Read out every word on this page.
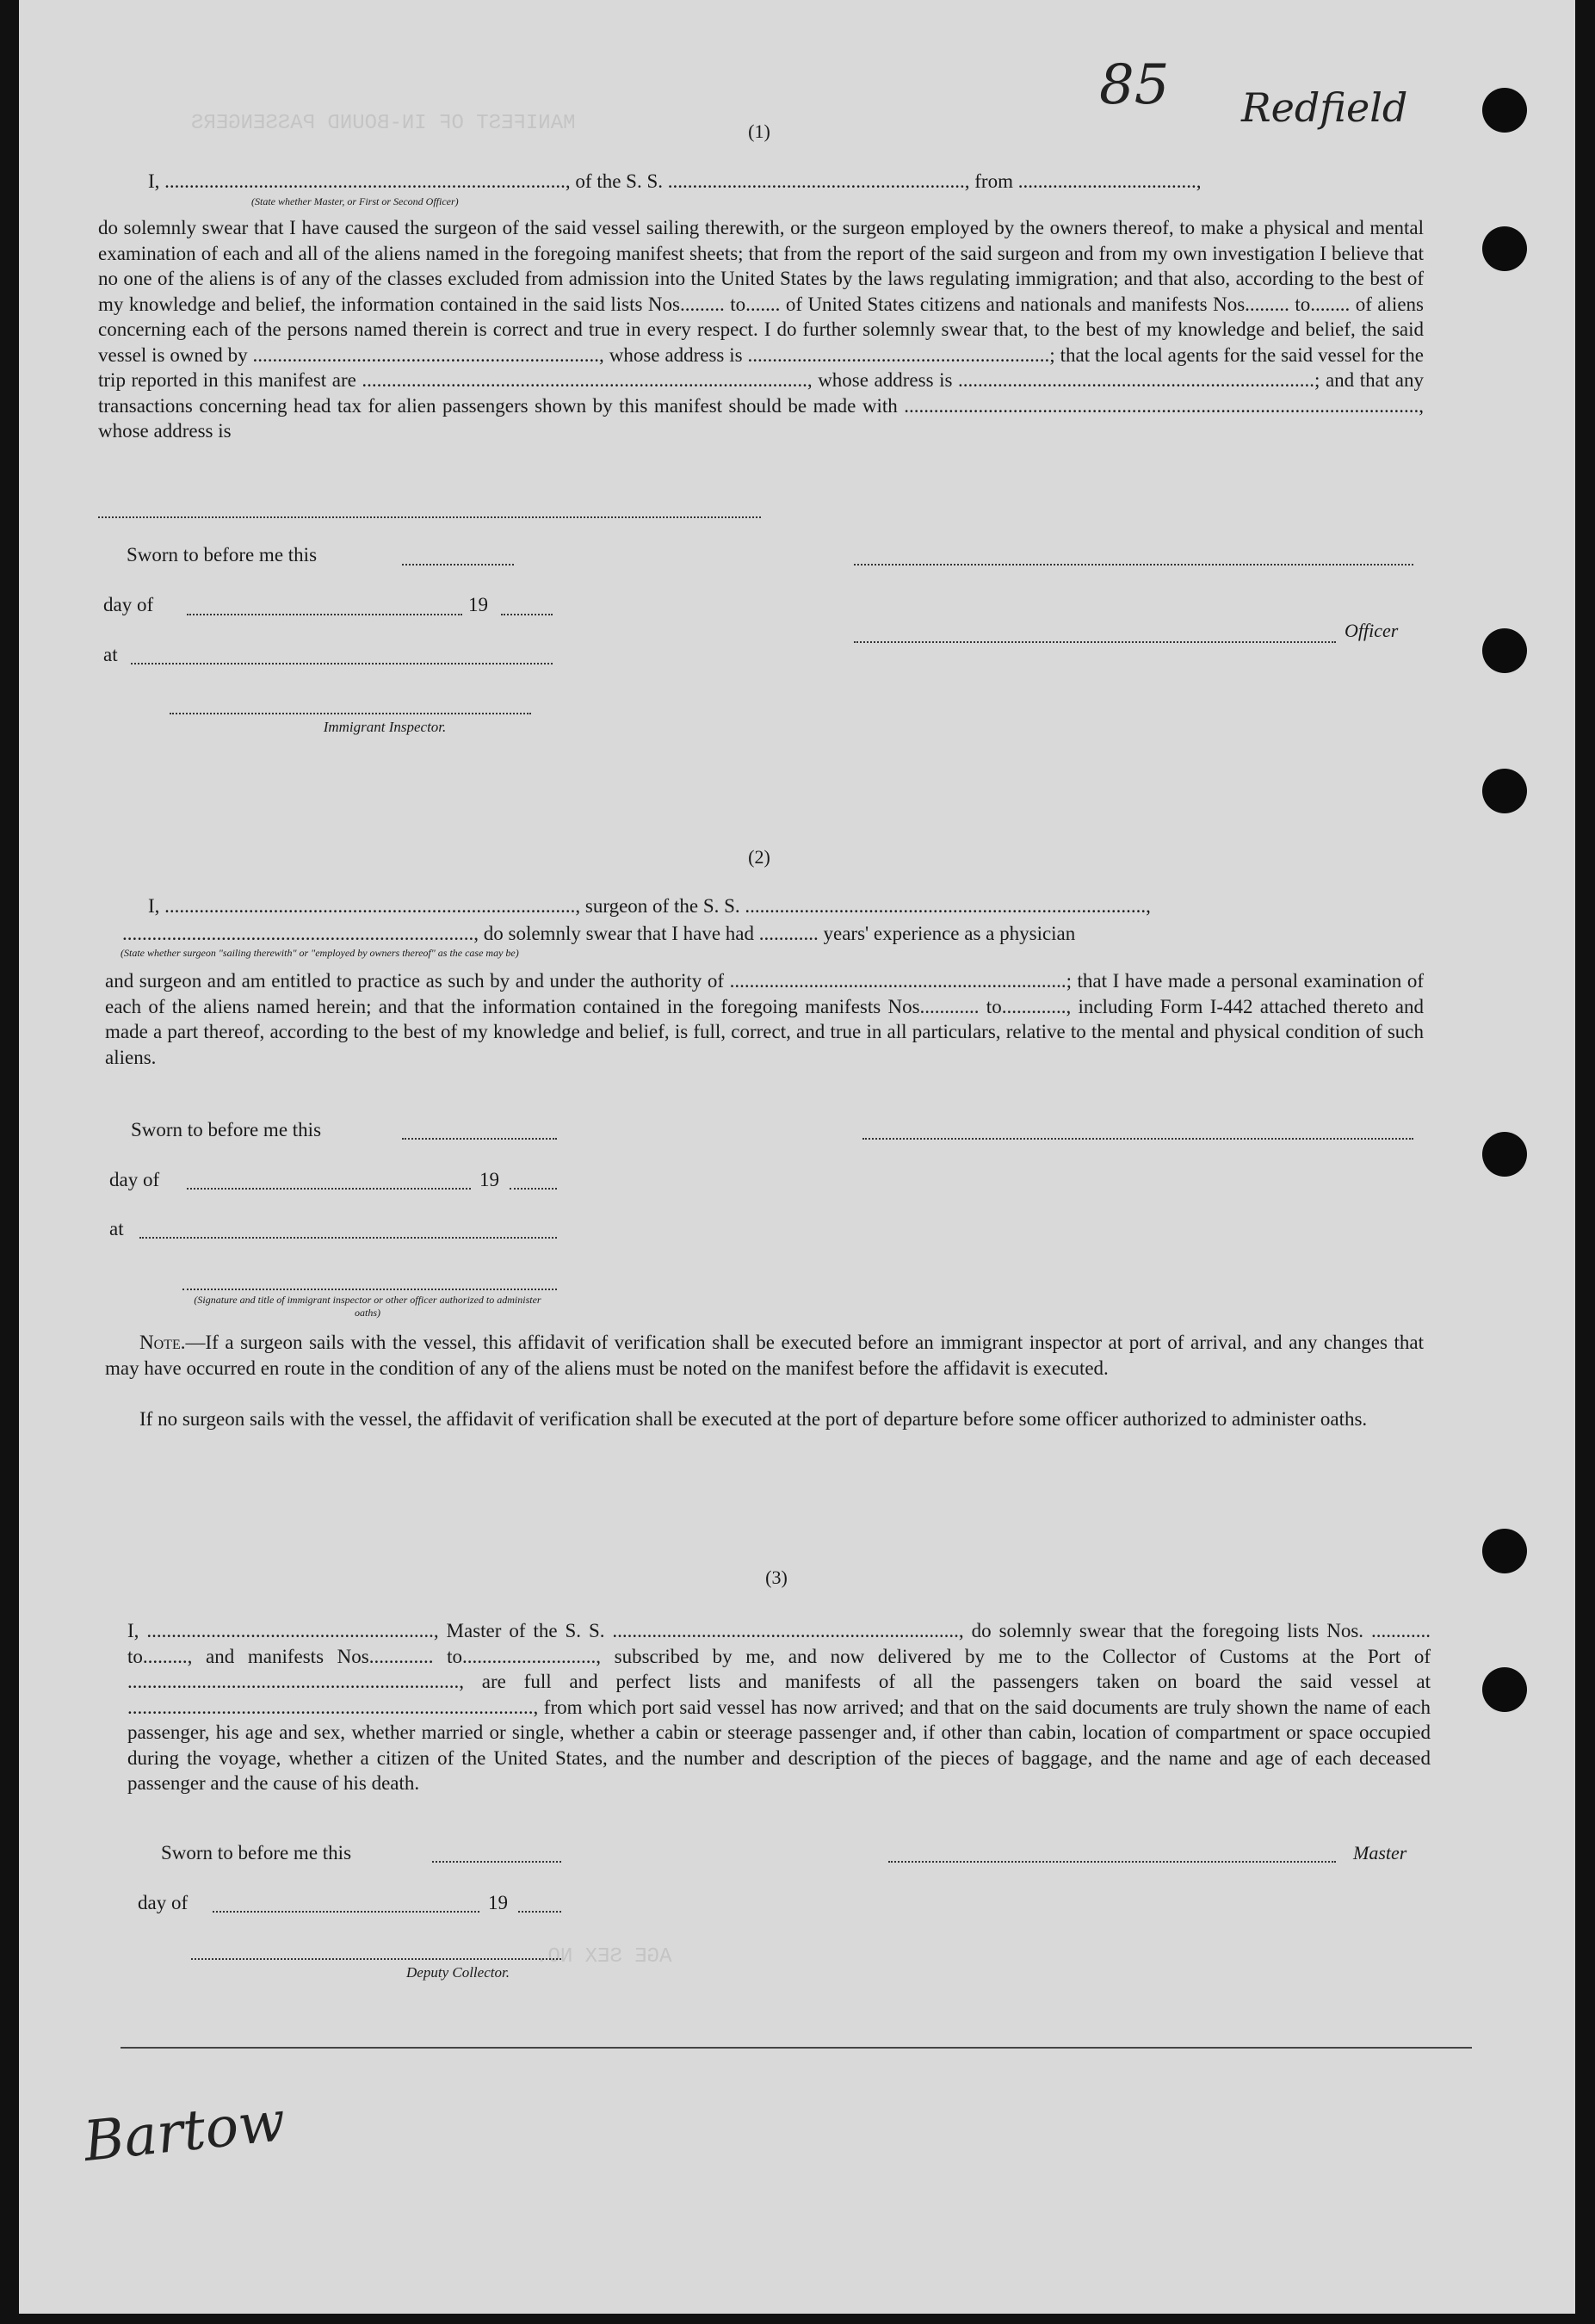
MANIFEST OF IN-BOUND PASSENGERS
AGE SEX NO.
85 Redfield
Bartow
(1)
I, ................................................................................., of the S. S. ............................................................, from ....................................,
(State whether Master, or First or Second Officer)
do solemnly swear that I have caused the surgeon of the said vessel sailing therewith, or the surgeon employed by the owners thereof, to make a physical and mental examination of each and all of the aliens named in the foregoing manifest sheets; that from the report of the said surgeon and from my own investigation I believe that no one of the aliens is of any of the classes excluded from admission into the United States by the laws regulating immigration; and that also, according to the best of my knowledge and belief, the information contained in the said lists Nos......... to....... of United States citizens and nationals and manifests Nos......... to........ of aliens concerning each of the persons named therein is correct and true in every respect. I do further solemnly swear that, to the best of my knowledge and belief, the said vessel is owned by ......................................................................, whose address is .............................................................; that the local agents for the said vessel for the trip reported in this manifest are .........................................................................................., whose address is ........................................................................; and that any transactions concerning head tax for alien passengers shown by this manifest should be made with ........................................................................................................, whose address is
Sworn to before me this
day of	19
at
Immigrant Inspector.
Officer
(2)
I, ..................................................................................., surgeon of the S. S. .................................................................................,
......................................................................., do solemnly swear that I have had ............ years' experience as a physician
(State whether surgeon "sailing therewith" or "employed by owners thereof" as the case may be)
and surgeon and am entitled to practice as such by and under the authority of ....................................................................; that I have made a personal examination of each of the aliens named herein; and that the information contained in the foregoing manifests Nos............ to............., including Form I-442 attached thereto and made a part thereof, according to the best of my knowledge and belief, is full, correct, and true in all particulars, relative to the mental and physical condition of such aliens.
Sworn to before me this
day of	19
at
(Signature and title of immigrant inspector or other officer authorized to administer oaths)
Note.—If a surgeon sails with the vessel, this affidavit of verification shall be executed before an immigrant inspector at port of arrival, and any changes that may have occurred en route in the condition of any of the aliens must be noted on the manifest before the affidavit is executed.
If no surgeon sails with the vessel, the affidavit of verification shall be executed at the port of departure before some officer authorized to administer oaths.
(3)
I, .........................................................., Master of the S. S. ......................................................................, do solemnly swear that the foregoing lists Nos. ............ to........., and manifests Nos............. to..........................., subscribed by me, and now delivered by me to the Collector of Customs at the Port of ..................................................................., are full and perfect lists and manifests of all the passengers taken on board the said vessel at .................................................................................., from which port said vessel has now arrived; and that on the said documents are truly shown the name of each passenger, his age and sex, whether married or single, whether a cabin or steerage passenger and, if other than cabin, location of compartment or space occupied during the voyage, whether a citizen of the United States, and the number and description of the pieces of baggage, and the name and age of each deceased passenger and the cause of his death.
Sworn to before me this	Master
day of	19
Deputy Collector.
